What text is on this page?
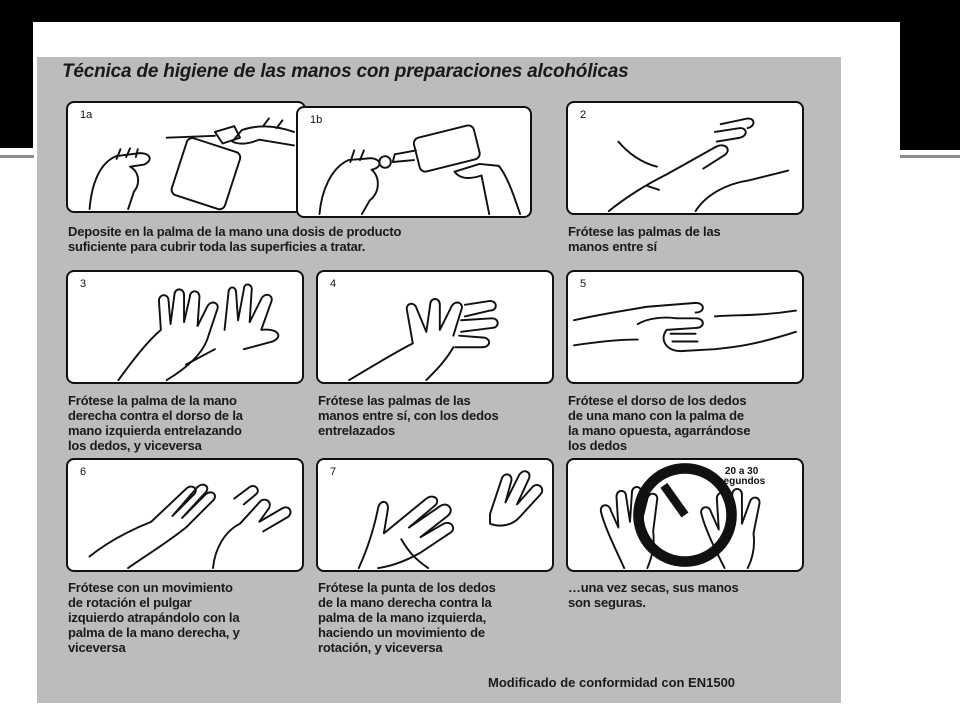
Técnica de higiene de las manos con preparaciones alcohólicas
1a	1b
Deposite en la palma de la mano una dosis de producto
suficiente para cubrir toda las superficies a tratar.
2
Frótese las palmas de las
manos entre sí
3
Frótese la palma de la mano
derecha contra el dorso de la
mano izquierda entrelazando
los dedos, y viceversa
4
Frótese las palmas de las
manos entre sí, con los dedos
entrelazados
5
Frótese el dorso de los dedos
de una mano con la palma de
la mano opuesta, agarrándose
los dedos
6
Frótese con un movimiento
de rotación el pulgar
izquierdo atrapándolo con la
palma de la mano derecha, y
viceversa
7
Frótese la punta de los dedos
de la mano derecha contra la
palma de la mano izquierda,
haciendo un movimiento de
rotación, y viceversa
20 a 30
segundos
…una vez secas, sus manos
son seguras.
Modificado de conformidad con EN1500
